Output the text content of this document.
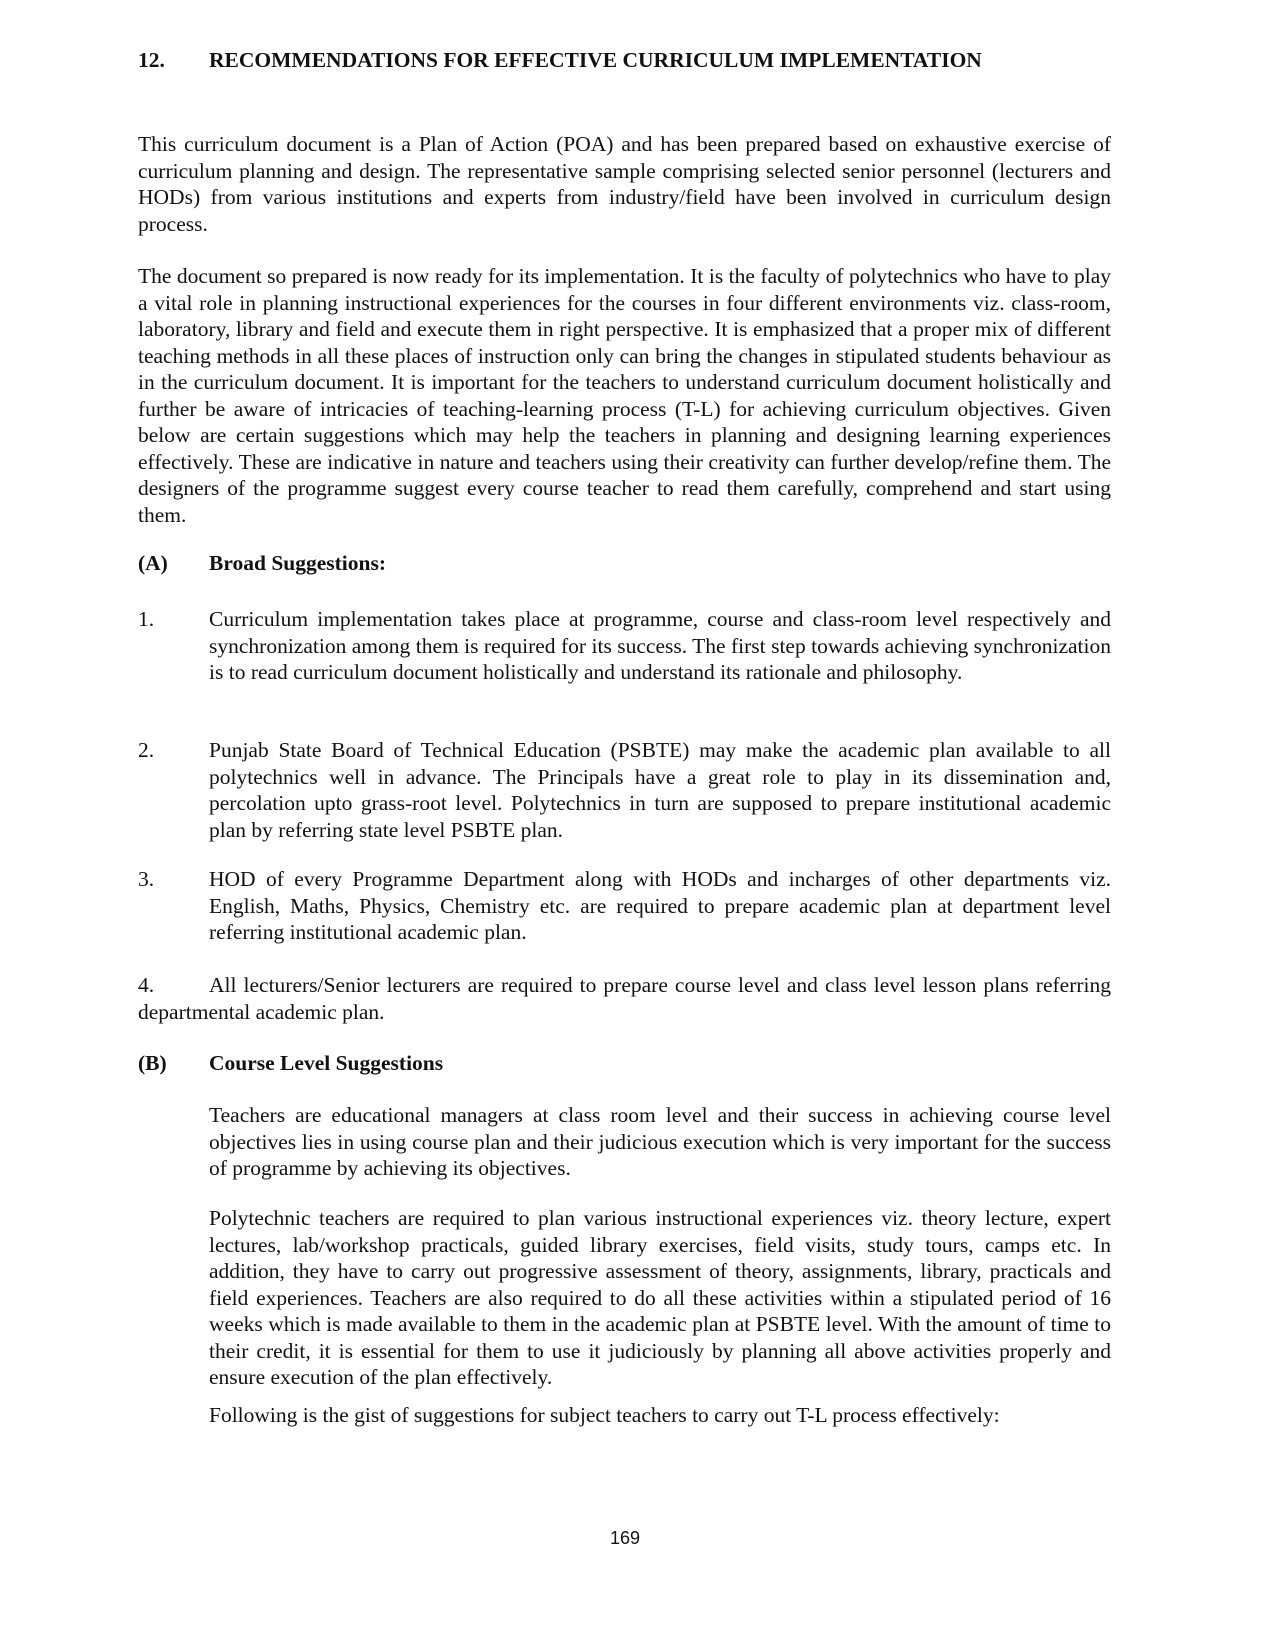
12. RECOMMENDATIONS FOR EFFECTIVE CURRICULUM IMPLEMENTATION

This curriculum document is a Plan of Action (POA) and has been prepared based on exhaustive exercise of curriculum planning and design. The representative sample comprising selected senior personnel (lecturers and HODs) from various institutions and experts from industry/field have been involved in curriculum design process.

The document so prepared is now ready for its implementation. It is the faculty of polytechnics who have to play a vital role in planning instructional experiences for the courses in four different environments viz. class-room, laboratory, library and field and execute them in right perspective. It is emphasized that a proper mix of different teaching methods in all these places of instruction only can bring the changes in stipulated students behaviour as in the curriculum document. It is important for the teachers to understand curriculum document holistically and further be aware of intricacies of teaching-learning process (T-L) for achieving curriculum objectives. Given below are certain suggestions which may help the teachers in planning and designing learning experiences effectively. These are indicative in nature and teachers using their creativity can further develop/refine them. The designers of the programme suggest every course teacher to read them carefully, comprehend and start using them.

(A) Broad Suggestions:
1.	Curriculum implementation takes place at programme, course and class-room level respectively and synchronization among them is required for its success. The first step towards achieving synchronization is to read curriculum document holistically and understand its rationale and philosophy.
2.	Punjab State Board of Technical Education (PSBTE) may make the academic plan available to all polytechnics well in advance. The Principals have a great role to play in its dissemination and, percolation upto grass-root level. Polytechnics in turn are supposed to prepare institutional academic plan by referring state level PSBTE plan.
3.	HOD of every Programme Department along with HODs and incharges of other departments viz. English, Maths, Physics, Chemistry etc. are required to prepare academic plan at department level referring institutional academic plan.

4.	All lecturers/Senior lecturers are required to prepare course level and class level lesson plans referring departmental academic plan.

(B) Course Level Suggestions

Teachers are educational managers at class room level and their success in achieving course level objectives lies in using course plan and their judicious execution which is very important for the success of programme by achieving its objectives.

Polytechnic teachers are required to plan various instructional experiences viz. theory lecture, expert lectures, lab/workshop practicals, guided library exercises, field visits, study tours, camps etc. In addition, they have to carry out progressive assessment of theory, assignments, library, practicals and field experiences. Teachers are also required to do all these activities within a stipulated period of 16 weeks which is made available to them in the academic plan at PSBTE level. With the amount of time to their credit, it is essential for them to use it judiciously by planning all above activities properly and ensure execution of the plan effectively.

Following is the gist of suggestions for subject teachers to carry out T-L process effectively:

169
